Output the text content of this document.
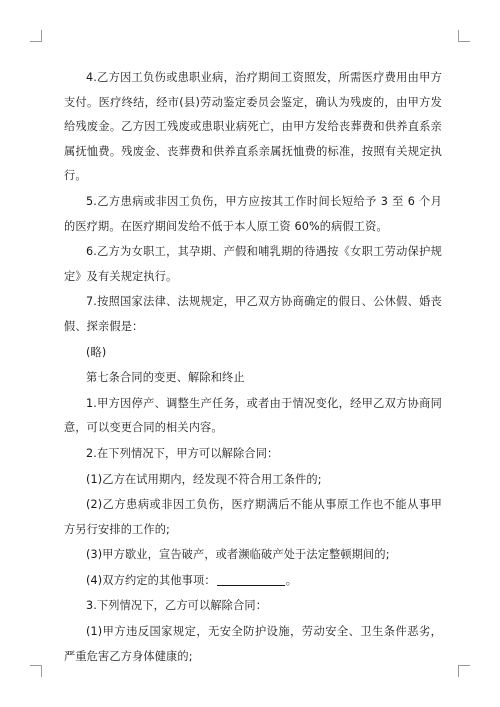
4.乙方因工负伤或患职业病，治疗期间工资照发，所需医疗费用由甲方支付。医疗终结，经市(县)劳动鉴定委员会鉴定，确认为残废的，由甲方发给残废金。乙方因工残废或患职业病死亡，由甲方发给丧葬费和供养直系亲属抚恤费。残废金、丧葬费和供养直系亲属抚恤费的标准，按照有关规定执行。

5.乙方患病或非因工负伤，甲方应按其工作时间长短给予 3 至 6 个月的医疗期。在医疗期间发给不低于本人原工资 60%的病假工资。

6.乙方为女职工，其孕期、产假和哺乳期的待遇按《女职工劳动保护规定》及有关规定执行。

7.按照国家法律、法规规定，甲乙双方协商确定的假日、公休假、婚丧假、探亲假是：

(略)

第七条合同的变更、解除和终止

1.甲方因停产、调整生产任务，或者由于情况变化，经甲乙双方协商同意，可以变更合同的相关内容。

2.在下列情况下，甲方可以解除合同：

(1)乙方在试用期内，经发现不符合用工条件的;

(2)乙方患病或非因工负伤，医疗期满后不能从事原工作也不能从事甲方另行安排的工作的;

(3)甲方歇业，宣告破产，或者濒临破产处于法定整顿期间的;

(4)双方约定的其他事项：	。

3.下列情况下，乙方可以解除合同：

(1)甲方违反国家规定，无安全防护设施，劳动安全、卫生条件恶劣，严重危害乙方身体健康的;
